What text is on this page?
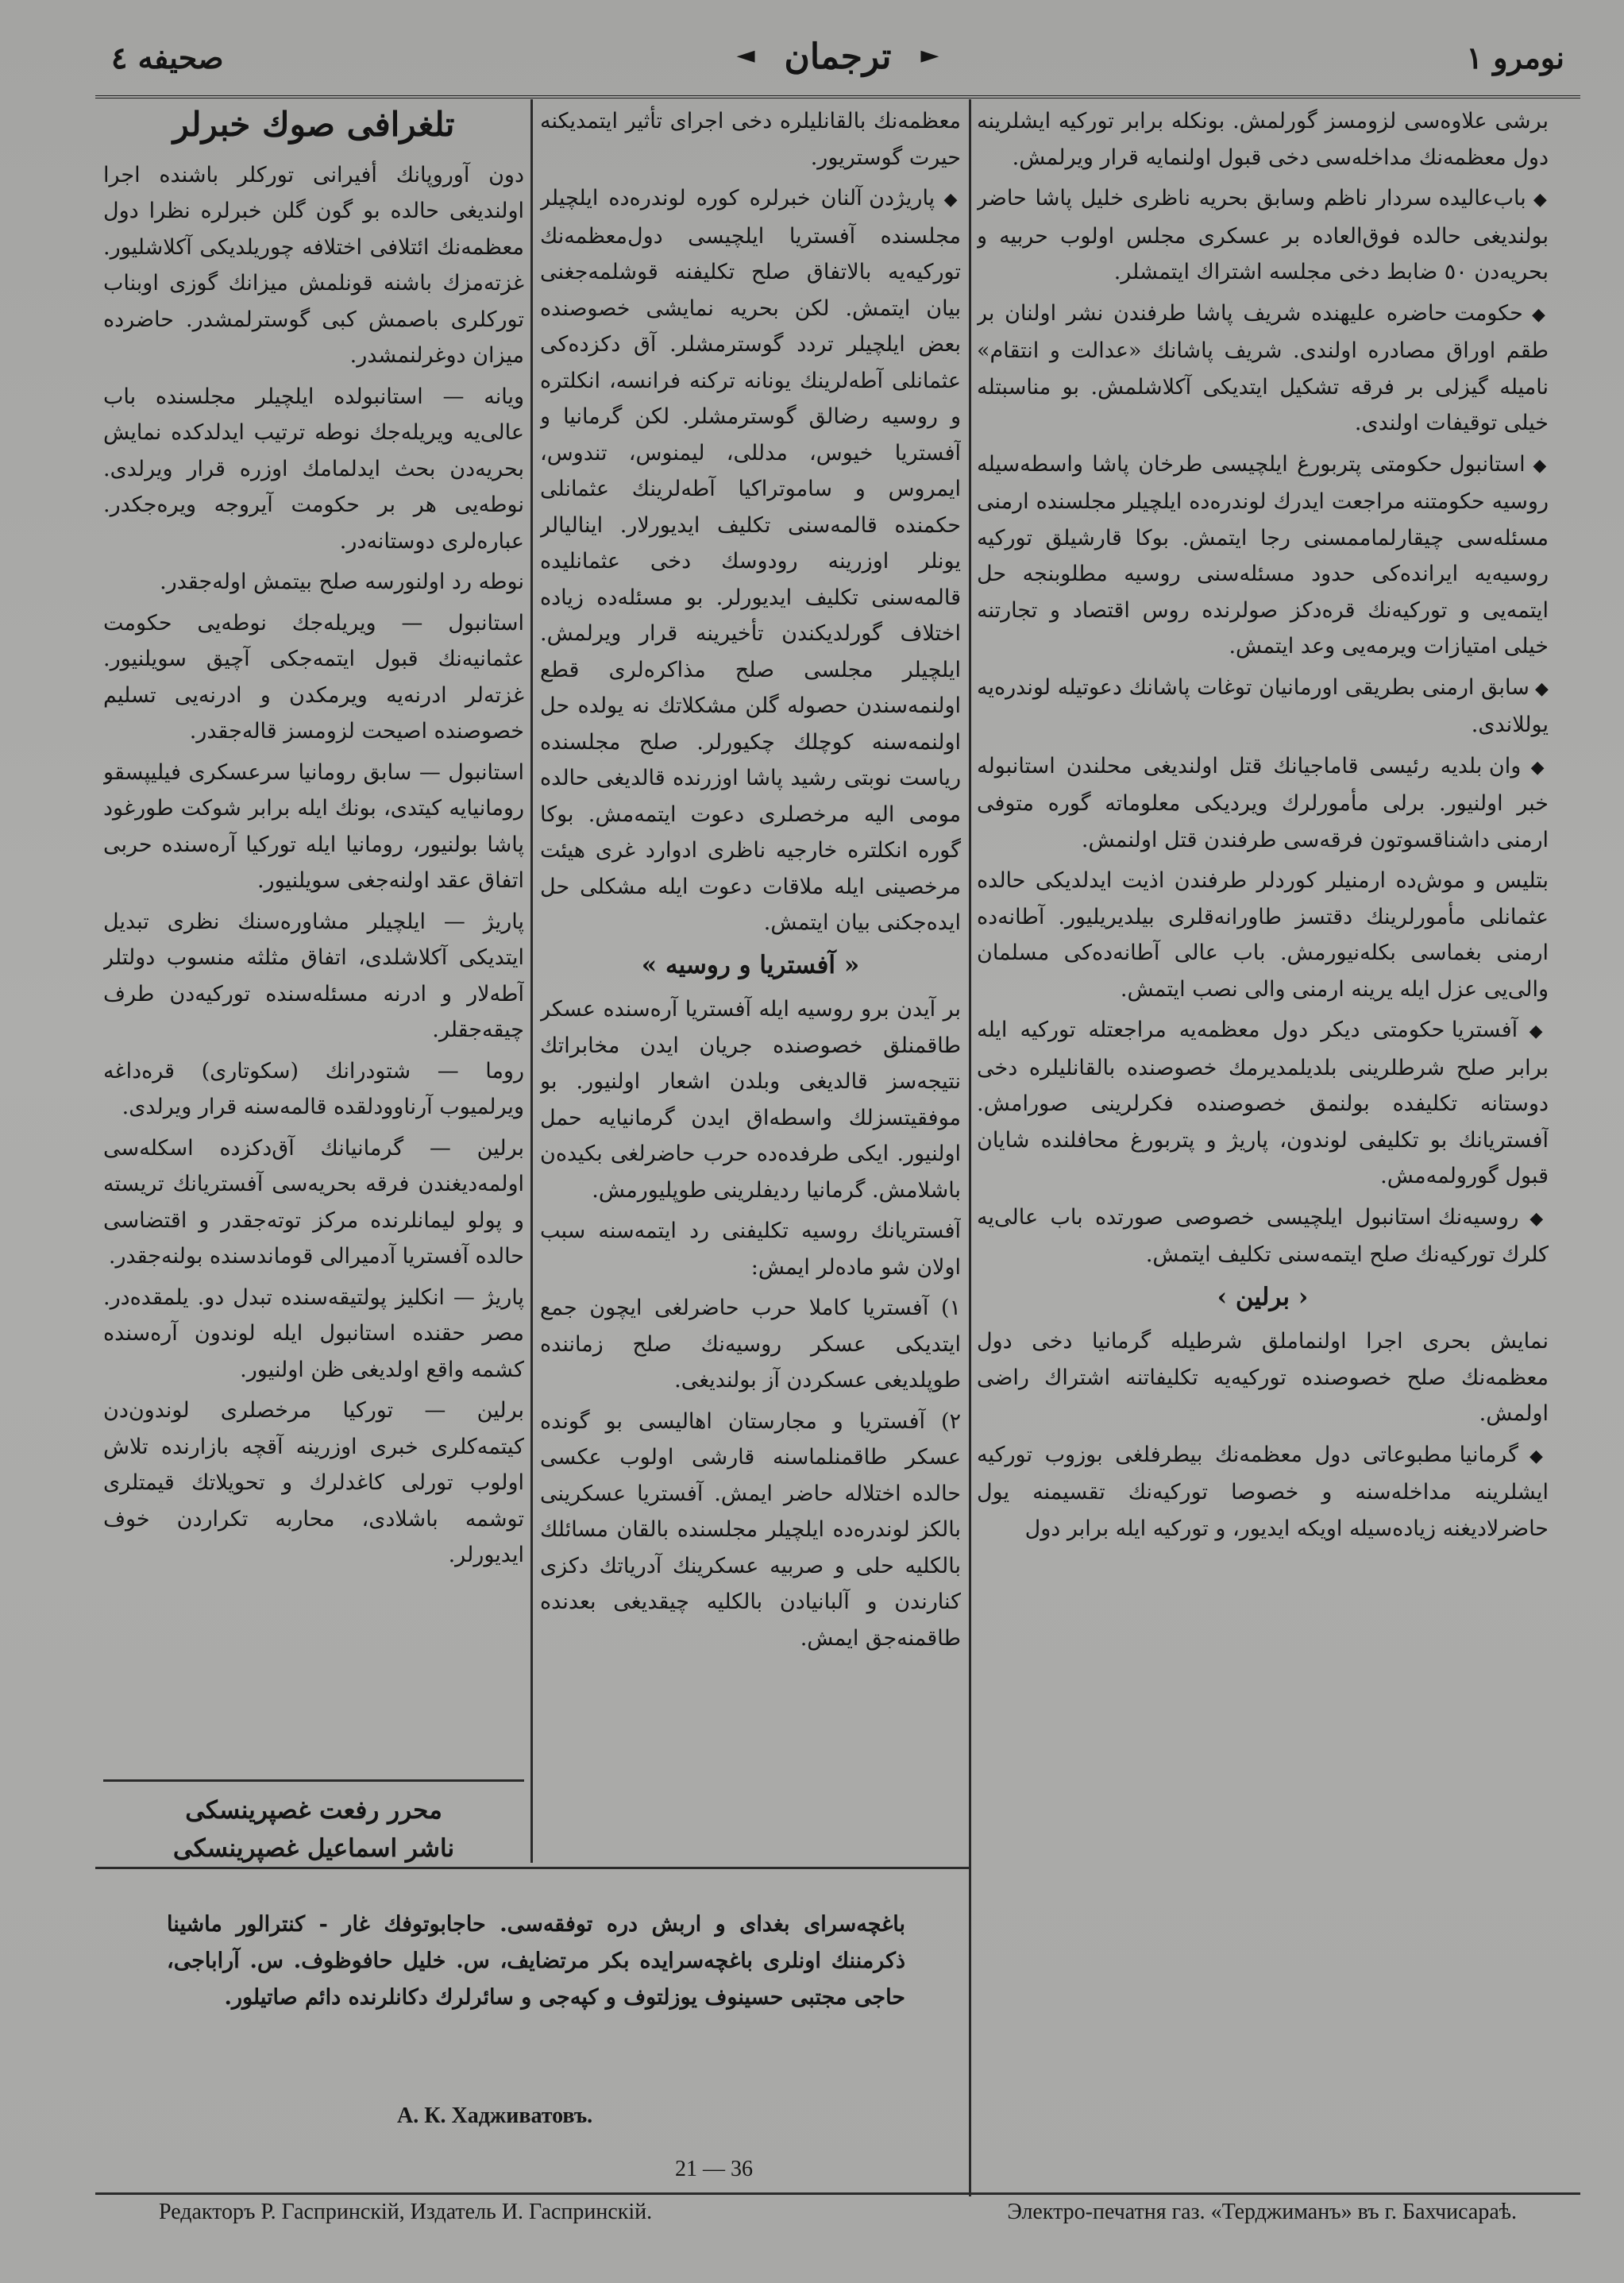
نومرو ١
◄ ترجمان ►
صحيفه ٤

برشی علاوه‌سی لزومسز گورلمش. بونکله برابر تورکیه ایشلرینه دول معظمه‌نك مداخله‌سی دخی قبول اولنمایه قرار ویرلمش.

◆ باب‌عالیده سردار ناظم وسابق بحریه ناظری خلیل پاشا حاضر بولندیغی حالده فوق‌العاده بر عسکری مجلس اولوب حربیه و بحریه‌دن ٥٠ ضابط دخی مجلسه اشتراك ایتمشلر.

◆ حکومت حاضره علیهنده شریف پاشا طرفندن نشر اولنان بر طقم اوراق مصادره اولندی. شریف پاشانك «عدالت و انتقام» نامیله گیزلی بر فرقه تشکیل ایتدیکی آکلاشلمش. بو مناسبتله خیلی توقیفات اولندی.

◆ استانبول حکومتی پتربورغ ایلچیسی طرخان پاشا واسطه‌سیله روسیه حکومتنه مراجعت ایدرك لوندره‌ده ایلچیلر مجلسنده ارمنی مسئله‌سی چیقارلماممسنی رجا ایتمش. بوکا قارشیلق تورکیه روسیه‌یه ایرانده‌کی حدود مسئله‌سنی روسیه مطلوبنجه حل ایتمه‌یی و تورکیه‌نك قره‌دکز صولرنده روس اقتصاد و تجارتنه خیلی امتیازات ویرمه‌یی وعد ایتمش.

◆ سابق ارمنی بطریقی اورمانیان توغات پاشانك دعوتیله لوندره‌یه یوللاندی.

◆ وان بلدیه رئیسی قاماجیانك قتل اولندیغی محلندن استانبوله خبر اولنیور. برلی مأمورلرك ویردیکی معلوماته گوره متوفی ارمنی داشناقسوتون فرقه‌سی طرفندن قتل اولنمش.

بتلیس و موش‌ده ارمنیلر کوردلر طرفندن اذیت ایدلدیکی حالده عثمانلی مأمورلرینك دقتسز طاورانه‌قلری بیلدیریلیور. آطانه‌ده ارمنی بغماسی بکله‌نیورمش. باب عالی آطانه‌ده‌کی مسلمان والی‌یی عزل ایله یرینه ارمنی والی نصب ایتمش.

◆ آفستریا حکومتی دیکر دول معظمه‌یه مراجعتله تورکیه ایله برابر صلح شرطلرینی بلدیلمدیرمك خصوصنده بالقانلیلره دخی دوستانه تکلیفده بولنمق خصوصنده فکرلرینی صورامش. آفستریانك بو تکلیفی لوندون، پاریژ و پتربورغ محافلنده شایان قبول گورولمه‌مش.

◆ روسیه‌نك استانبول ایلچیسی خصوصی صورتده باب عالی‌یه کلرك تورکیه‌نك صلح ایتمه‌سنی تکلیف ایتمش.

‹ برلین ›

نمایش بحری اجرا اولنماملق شرطیله گرمانیا دخی دول معظمه‌نك صلح خصوصنده تورکیه‌یه تکلیفاتنه اشتراك راضی اولمش.

◆ گرمانیا مطبوعاتی دول معظمه‌نك بیطرفلغی بوزوب تورکیه ایشلرینه مداخله‌سنه و خصوصا تورکیه‌نك تقسیمنه یول حاضرلادیغنه زیاده‌سیله اویکه ایدیور، و تورکیه ایله برابر دول

معظمه‌نك بالقانلیلره دخی اجرای تأثیر ایتمدیکنه حیرت گوستریور.

◆ پاریژدن آلنان خبرلره کوره لوندره‌ده ایلچیلر مجلسنده آفستریا ایلچیسی دول‌معظمه‌نك تورکیه‌یه بالاتفاق صلح تکلیفنه قوشلمه‌جغنی بیان ایتمش. لکن بحریه نمایشی خصوصنده بعض ایلچیلر تردد گوسترمشلر. آق دکزده‌کی عثمانلی آطه‌لرینك یونانه ترکنه فرانسه، انکلتره و روسیه رضالق گوسترمشلر. لکن گرمانیا و آفستریا خیوس، مدللی، لیمنوس، تندوس، ایمروس و ساموتراکیا آطه‌لرینك عثمانلی حکمنده قالمه‌سنی تکلیف ایدیورلار. اینالیالر یونلر اوزرینه رودوسك دخی عثمانلیده قالمه‌سنی تکلیف ایدیورلر. بو مسئله‌ده زیاده اختلاف گورلدیکندن تأخیرینه قرار ویرلمش. ایلچیلر مجلسی صلح مذاکره‌لری قطع اولنمه‌سندن حصوله گلن مشکلاتك نه یولده حل اولنمه‌سنه کوچلك چکیورلر. صلح مجلسنده ریاست نوبتی رشید پاشا اوزرنده قالدیغی حالده مومی الیه مرخصلری دعوت ایتمه‌مش. بوکا گوره انکلتره خارجیه ناظری ادوارد غری هیئت مرخصینی ایله ملاقات دعوت ایله مشکلی حل ایده‌جکنی بیان ایتمش.

« آفستریا و روسیه »

بر آیدن برو روسیه ایله آفستریا آره‌سنده عسکر طاقمنلق خصوصنده جریان ایدن مخابراتك نتیجه‌سز قالدیغی وبلدن اشعار اولنیور. بو موفقیتسزلك واسطه‌اق ایدن گرمانیایه حمل اولنیور. ایکی طرفده‌ده حرب حاضرلغی بکیده‌ن باشلامش. گرمانیا ردیفلرینی طوپلیورمش.

آفستریانك روسیه تکلیفنی رد ایتمه‌سنه سبب اولان شو ماده‌لر ایمش:

١) آفستریا کاملا حرب حاضرلغی ایچون جمع ایتدیکی عسکر روسیه‌نك صلح زماننده طوپلدیغی عسکردن آز بولندیغی.

٢) آفستریا و مجارستان اهالیسی بو گونده عسکر طاقمنلماسنه قارشی اولوب عکسی حالده اختلاله حاضر ایمش. آفستریا عسکرینی بالکز لوندره‌ده ایلچیلر مجلسنده بالقان مسائلك بالکلیه حلی و صربیه عسکرینك آدریاتك دکزی کنارندن و آلبانیادن بالکلیه چیقدیغی بعدنده طاقمنه‌جق ایمش.

تلغرافی صوك خبرلر

دون آوروپانك أفیرانی تورکلر باشنده اجرا اولندیغی حالده بو گون گلن خبرلره نظرا دول معظمه‌نك ائتلافی اختلافه چوریلدیکی آکلاشلیور. غزته‌مزك باشنه قونلمش میزانك گوزی اوبناب تورکلری باصمش کبی گوسترلمشدر. حاضرده میزان دوغرلنمشدر.

ویانه — استانبولده ایلچیلر مجلسنده باب عالی‌یه ویریله‌جك نوطه ترتیب ایدلدکده نمایش بحریه‌دن بحث ایدلمامك اوزره قرار ویرلدی. نوطه‌یی هر بر حکومت آیروجه ویره‌جکدر. عباره‌لری دوستانه‌در.

نوطه رد اولنورسه صلح بیتمش اوله‌جقدر.

استانبول — ویریله‌جك نوطه‌یی حکومت عثمانیه‌نك قبول ایتمه‌جکی آچیق سویلنیور. غزته‌لر ادرنه‌یه ویرمکدن و ادرنه‌یی تسلیم خصوصنده اصیحت لزومسز قاله‌جقدر.

استانبول — سابق رومانیا سرعسکری فیلیپسقو رومانیایه کیتدی، بونك ایله برابر شوکت طورغود پاشا بولنیور، رومانیا ایله تورکیا آره‌سنده حربی اتفاق عقد اولنه‌جغی سویلنیور.

پاریژ — ایلچیلر مشاوره‌سنك نظری تبدیل ایتدیکی آکلاشلدی، اتفاق مثلثه منسوب دولتلر آطه‌لار و ادرنه مسئله‌سنده تورکیه‌دن طرف چیقه‌جقلر.

روما — شتودرانك (سکوتاری) قره‌داغه ویرلمیوب آرناوودلقده قالمه‌سنه قرار ویرلدی.

برلین — گرمانیانك آق‌دکزده اسکله‌سی اولمه‌دیغندن فرقه بحریه‌سی آفستریانك تریسته و پولو لیمانلرنده مرکز توته‌جقدر و اقتضاسی حالده آفستریا آدمیرالی قوماندسنده بولنه‌جقدر.

پاریژ — انکلیز پولتیقه‌سنده تبدل دو. یلمقده‌در. مصر حقنده استانبول ایله لوندون آره‌سنده کشمه واقع اولدیغی ظن اولنیور.

برلین — تورکیا مرخصلری لوندون‌دن کیتمه‌کلری خبری اوزرینه آقچه بازارنده تلاش اولوب تورلی کاغدلرك و تحویلاتك قیمتلری توشمه باشلادی، محاربه تکراردن خوف ایدیورلر.

محرر رفعت غصپرینسکی
ناشر اسماعیل غصپرینسکی
باغچه‌سرای بغدای و اربش دره توفقه‌سی. حاجابوتوفك غار - کنترالور ماشینا ذکرمننك اونلری باغچه‌سرایده بکر مرتضایف، س. خلیل حافوظوف. س. آراباجی، حاجی مجتبی حسینوف یوزلتوف و کپه‌جی و سائرلرك دکانلرنده دائم صاتیلور.
А. К. Хадживатовъ.
21 — 36
Редакторъ Р. Гаспринскій, Издатель И. Гаспринскій.	Электро-печатня газ. «Терджиманъ» въ г. Бахчисараѣ.
